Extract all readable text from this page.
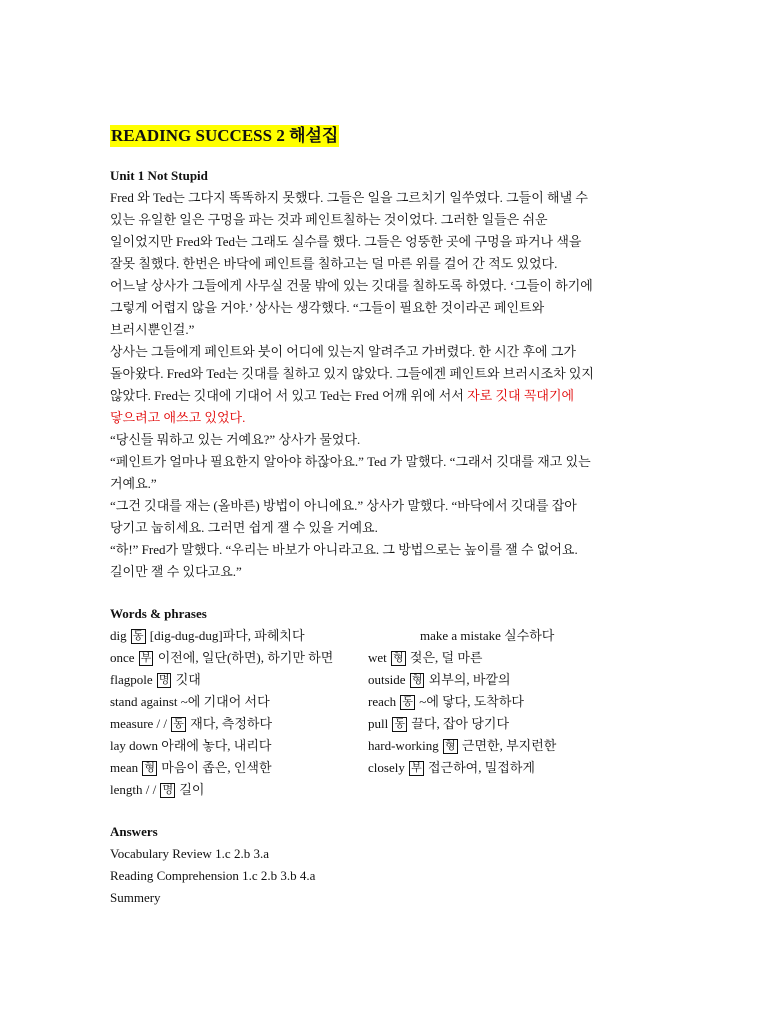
READING SUCCESS 2 해설집
Unit 1 Not Stupid
Fred 와 Ted는 그다지 똑똑하지 못했다. 그들은 일을 그르치기 일쑤였다. 그들이 해낼 수
있는 유일한 일은 구멍을 파는 것과 페인트칠하는 것이었다. 그러한 일들은 쉬운
일이었지만 Fred와 Ted는 그래도 실수를 했다. 그들은 엉뚱한 곳에 구멍을 파거나 색을
잘못 칠했다. 한번은 바닥에 페인트를 칠하고는 덜 마른 위를 걸어 간 적도 있었다.
어느날 상사가 그들에게 사무실 건물 밖에 있는 깃대를 칠하도록 하였다. ‘그들이 하기에
그렇게 어렵지 않을 거야.’ 상사는 생각했다. “그들이 필요한 것이라곤 페인트와
브러시뿐인걸.”
상사는 그들에게 페인트와 붓이 어디에 있는지 알려주고 가버렸다. 한 시간 후에 그가
돌아왔다. Fred와 Ted는 깃대를 칠하고 있지 않았다. 그들에겐 페인트와 브러시조차 있지
않았다. Fred는 깃대에 기대어 서 있고 Ted는 Fred 어깨 위에 서서 자로 깃대 꼭대기에
닿으려고 애쓰고 있었다.
“당신들 뭐하고 있는 거예요?” 상사가 물었다.
“페인트가 얼마나 필요한지 알아야 하잖아요.” Ted 가 말했다. “그래서 깃대를 재고 있는
거예요.”
“그건 깃대를 재는 (올바른) 방법이 아니에요.” 상사가 말했다. “바닥에서 깃대를 잡아
당기고 눕히세요. 그러면 쉽게 잴 수 있을 거예요.
“하!” Fred가 말했다. “우리는 바보가 아니라고요. 그 방법으로는 높이를 잴 수 없어요.
길이만 잴 수 있다고요.”
Words & phrases
dig 동 [dig-dug-dug]파다, 파헤치다	make a mistake 실수하다
once 부 이전에, 일단(하면), 하기만 하면	wet 형 젖은, 덜 마른
flagpole 명 깃대	outside 형 외부의, 바깥의
stand against ~에 기대어 서다	reach 동 ~에 닿다, 도착하다
measure / / 동 재다, 측정하다	pull 동 끌다, 잡아 당기다
lay down 아래에 놓다, 내리다	hard-working 형 근면한, 부지런한
mean 형 마음이 좁은, 인색한	closely 부 접근하여, 밀접하게
length / / 명 길이
Answers
Vocabulary Review 1.c 2.b 3.a
Reading Comprehension 1.c 2.b 3.b 4.a
Summery
